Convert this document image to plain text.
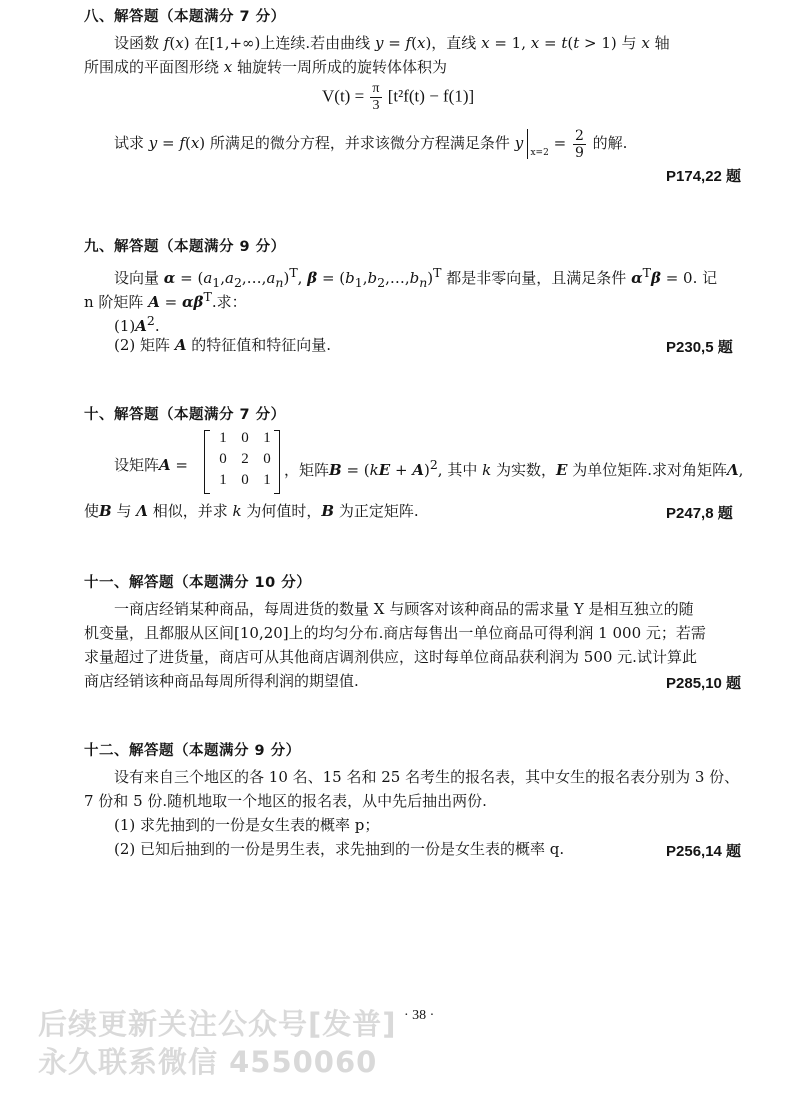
八、解答题（本题满分 7 分）
设函数 f(x) 在[1,+∞)上连续.若由曲线 y = f(x)，直线 x = 1, x = t(t > 1) 与 x 轴
所围成的平面图形绕 x 轴旋转一周所成的旋转体体积为
$V(t) = \frac{\pi}{3} [t^2f(t) - f(1)]$
试求 y = f(x) 所满足的微分方程，并求该微分方程满足条件 $y_{x=2} = \frac{2}{9}$ 的解.
P174,22 题
九、解答题（本题满分 9 分）
设向量 $\alpha = (a_1,a_2,\dots,a_n)^T$, $\beta = (b_1,b_2,\dots,b_n)^T$ 都是非零向量，且满足条件 $\alpha^T\beta = 0$. 记
n 阶矩阵 $A = \alpha\beta^T$.求：
$(1)A^2$.
(2) 矩阵 A 的特征值和特征向量.	P230,5 题
十、解答题（本题满分 7 分）
设矩阵A =
1 0 1
0 2 0
1 0 1
，矩阵B = (kE + A)$^2$, 其中 k 为实数，E 为单位矩阵.求对角矩阵Λ,
使B 与 Λ 相似，并求 k 为何值时，B 为正定矩阵.	P247,8 题
十一、解答题（本题满分 10 分）
一商店经销某种商品，每周进货的数量 X 与顾客对该种商品的需求量 Y 是相互独立的随
机变量，且都服从区间[10,20]上的均匀分布.商店每售出一单位商品可得利润 1 000 元；若需
求量超过了进货量，商店可从其他商店调剂供应，这时每单位商品获利润为 500 元.试计算此
商店经销该种商品每周所得利润的期望值.	P285,10 题
十二、解答题（本题满分 9 分）
设有来自三个地区的各 10 名、15 名和 25 名考生的报名表，其中女生的报名表分别为 3 份、
7 份和 5 份.随机地取一个地区的报名表，从中先后抽出两份.
(1) 求先抽到的一份是女生表的概率 p；
(2) 已知后抽到的一份是男生表，求先抽到的一份是女生表的概率 q.	P256,14 题
后续更新关注公众号[发普]
永久联系微信 4550060
· 38 ·
